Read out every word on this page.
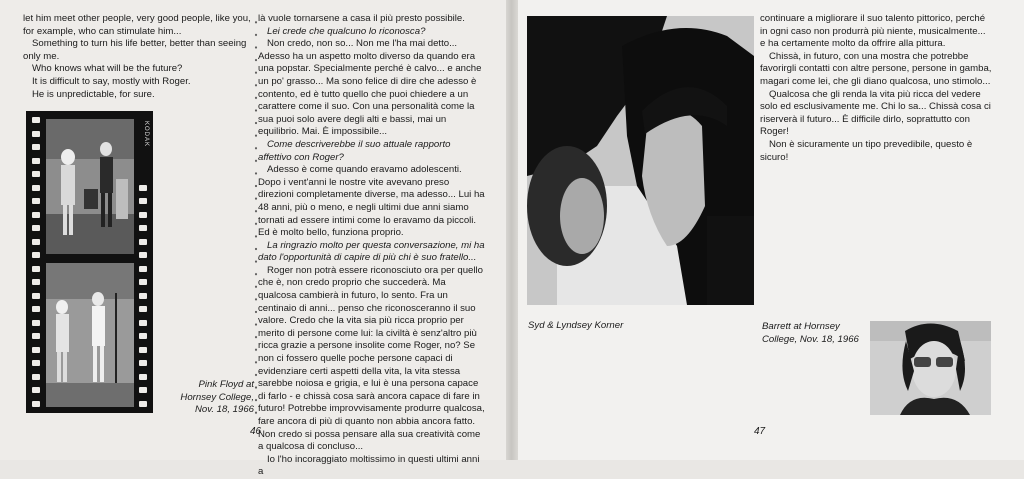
let him meet other people, very good people, like you, for example, who can stimulate him...

Something to turn his life better, better than seeing only me.

Who knows what will be the future?

It is difficult to say, mostly with Roger.

He is unpredictable, for sure.

là vuole tornarsene a casa il più presto possibile.

Lei crede che qualcuno lo riconosca?

Non credo, non so... Non me l'ha mai detto... Adesso ha un aspetto molto diverso da quando era una popstar. Specialmente perché è calvo... e anche un po' grasso... Ma sono felice di dire che adesso è contento, ed è tutto quello che puoi chiedere a un carattere come il suo. Con una personalità come la sua puoi solo avere degli alti e bassi, mai un equilibrio. Mai. È impossibile...

Come descriverebbe il suo attuale rapporto affettivo con Roger?

Adesso è come quando eravamo adolescenti. Dopo i vent'anni le nostre vite avevano preso direzioni completamente diverse, ma adesso... Lui ha 48 anni, più o meno, e negli ultimi due anni siamo tornati ad essere intimi come lo eravamo da piccoli. Ed è molto bello, funziona proprio.

La ringrazio molto per questa conversazione, mi ha dato l'opportunità di capire di più chi è suo fratello...

Roger non potrà essere riconosciuto ora per quello che è, non credo proprio che succederà. Ma qualcosa cambierà in futuro, lo sento. Fra un centinaio di anni... penso che riconosceranno il suo valore. Credo che la vita sia più ricca proprio per merito di persone come lui: la civiltà è senz'altro più ricca grazie a persone insolite come Roger, no? Se non ci fossero quelle poche persone capaci di evidenziare certi aspetti della vita, la vita stessa sarebbe noiosa e grigia, e lui è una persona capace di farlo - e chissà cosa sarà ancora capace di fare in futuro! Potrebbe improvvisamente produrre qualcosa, fare ancora di più di quanto non abbia ancora fatto. Non credo si possa pensare alla sua creatività come a qualcosa di concluso...

Io l'ho incoraggiato moltissimo in questi ultimi anni a

KODAK
Pink Floyd at Hornsey College, Nov. 18, 1966
46
Syd & Lyndsey Korner

continuare a migliorare il suo talento pittorico, perché in ogni caso non produrrà più niente, musicalmente... e ha certamente molto da offrire alla pittura.

Chissà, in futuro, con una mostra che potrebbe favorirgli contatti con altre persone, persone in gamba, magari come lei, che gli diano qualcosa, uno stimolo...

Qualcosa che gli renda la vita più ricca del vedere solo ed esclusivamente me. Chi lo sa... Chissà cosa ci riserverà il futuro... È difficile dirlo, soprattutto con Roger!

Non è sicuramente un tipo prevedibile, questo è sicuro!

Barrett at Hornsey College, Nov. 18, 1966
47
